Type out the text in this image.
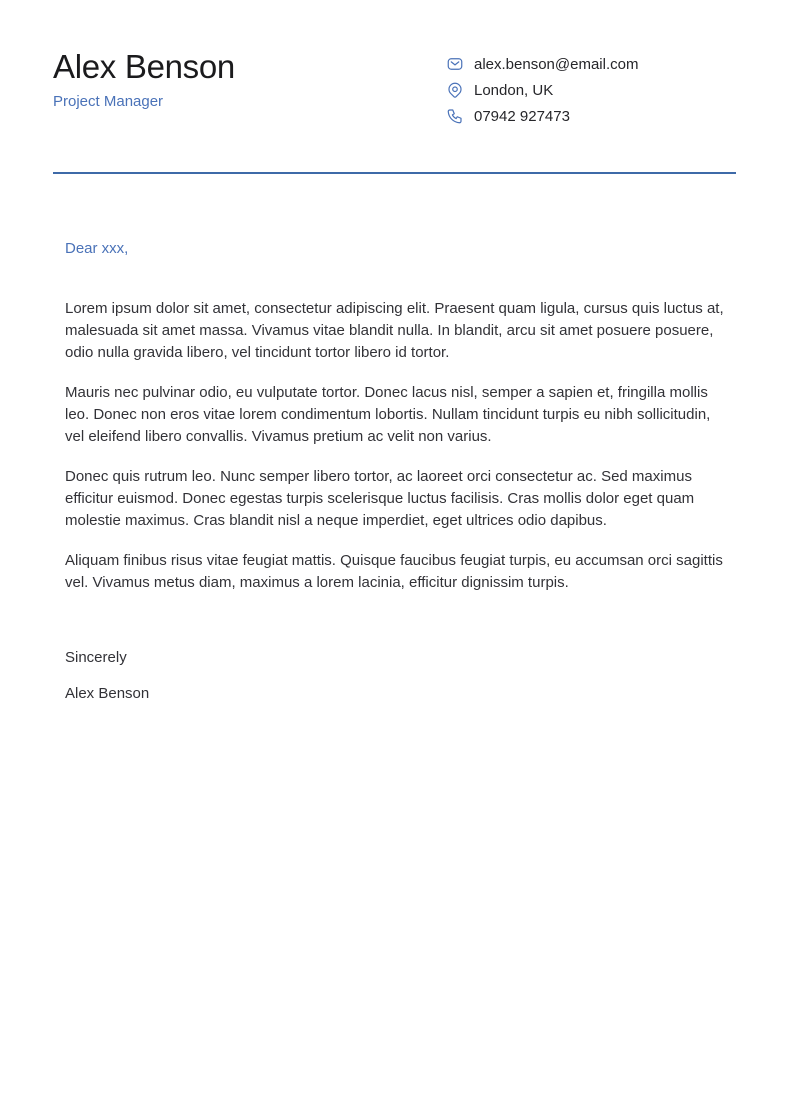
Alex Benson
Project Manager
alex.benson@email.com
London, UK
07942 927473

Dear xxx,

Lorem ipsum dolor sit amet, consectetur adipiscing elit. Praesent quam ligula, cursus quis luctus at, malesuada sit amet massa. Vivamus vitae blandit nulla. In blandit, arcu sit amet posuere posuere, odio nulla gravida libero, vel tincidunt tortor libero id tortor.

Mauris nec pulvinar odio, eu vulputate tortor. Donec lacus nisl, semper a sapien et, fringilla mollis leo. Donec non eros vitae lorem condimentum lobortis. Nullam tincidunt turpis eu nibh sollicitudin, vel eleifend libero convallis. Vivamus pretium ac velit non varius.

Donec quis rutrum leo. Nunc semper libero tortor, ac laoreet orci consectetur ac. Sed maximus efficitur euismod. Donec egestas turpis scelerisque luctus facilisis. Cras mollis dolor eget quam molestie maximus. Cras blandit nisl a neque imperdiet, eget ultrices odio dapibus.

Aliquam finibus risus vitae feugiat mattis. Quisque faucibus feugiat turpis, eu accumsan orci sagittis vel. Vivamus metus diam, maximus a lorem lacinia, efficitur dignissim turpis.

Sincerely

Alex Benson
